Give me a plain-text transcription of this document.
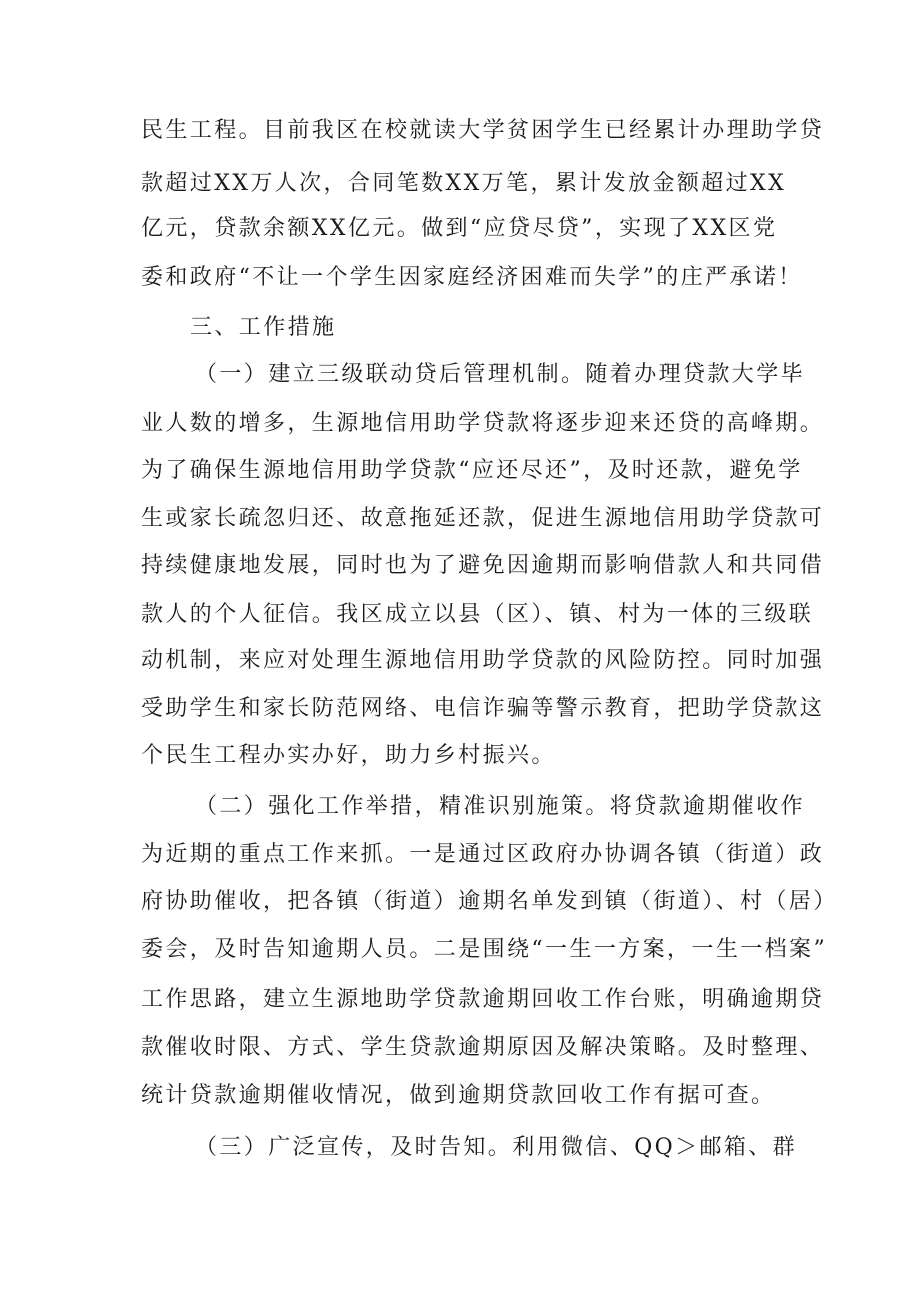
民生工程。目前我区在校就读大学贫困学生已经累计办理助学贷
款超过XX万人次，合同笔数XX万笔，累计发放金额超过XX
亿元，贷款余额XX亿元。做到“应贷尽贷”，实现了XX区党
委和政府“不让一个学生因家庭经济困难而失学”的庄严承诺！
三、工作措施
（一）建立三级联动贷后管理机制。随着办理贷款大学毕
业人数的增多，生源地信用助学贷款将逐步迎来还贷的高峰期。
为了确保生源地信用助学贷款“应还尽还”，及时还款，避免学
生或家长疏忽归还、故意拖延还款，促进生源地信用助学贷款可
持续健康地发展，同时也为了避免因逾期而影响借款人和共同借
款人的个人征信。我区成立以县（区）、镇、村为一体的三级联
动机制，来应对处理生源地信用助学贷款的风险防控。同时加强
受助学生和家长防范网络、电信诈骗等警示教育，把助学贷款这
个民生工程办实办好，助力乡村振兴。
（二）强化工作举措，精准识别施策。将贷款逾期催收作
为近期的重点工作来抓。一是通过区政府办协调各镇（街道）政
府协助催收，把各镇（街道）逾期名单发到镇（街道）、村（居）
委会，及时告知逾期人员。二是围绕“一生一方案，一生一档案”
工作思路，建立生源地助学贷款逾期回收工作台账，明确逾期贷
款催收时限、方式、学生贷款逾期原因及解决策略。及时整理、
统计贷款逾期催收情况，做到逾期贷款回收工作有据可查。
（三）广泛宣传，及时告知。利用微信、QQ＞邮箱、群
